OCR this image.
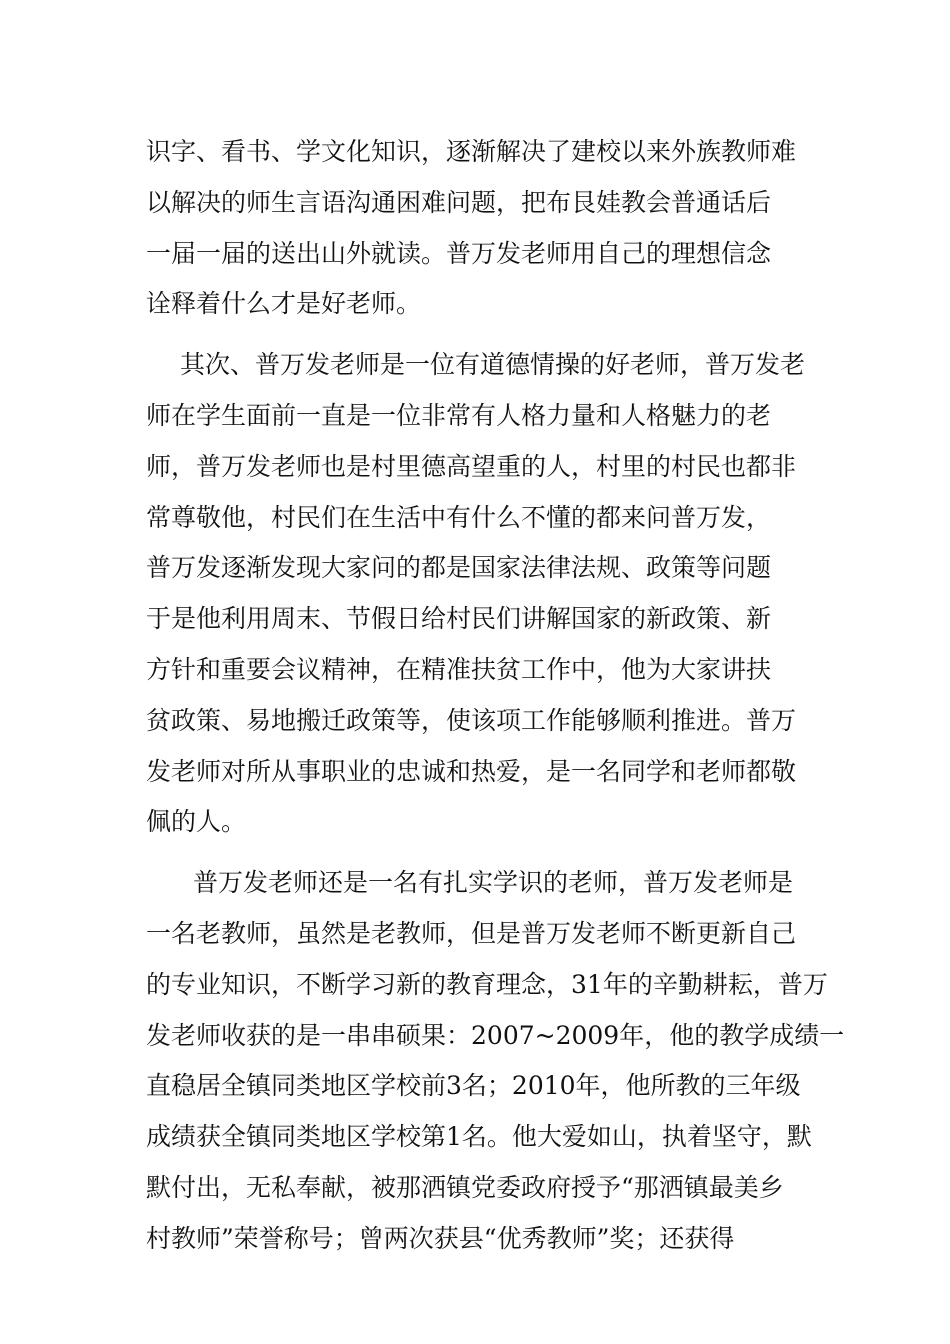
识字、看书、学文化知识，逐渐解决了建校以来外族教师难
以解决的师生言语沟通困难问题，把布艮娃教会普通话后
一届一届的送出山外就读。普万发老师用自己的理想信念
诠释着什么才是好老师。
其次、普万发老师是一位有道德情操的好老师，普万发老
师在学生面前一直是一位非常有人格力量和人格魅力的老
师，普万发老师也是村里德高望重的人，村里的村民也都非
常尊敬他，村民们在生活中有什么不懂的都来问普万发，
普万发逐渐发现大家问的都是国家法律法规、政策等问题
于是他利用周末、节假日给村民们讲解国家的新政策、新
方针和重要会议精神，在精准扶贫工作中，他为大家讲扶
贫政策、易地搬迁政策等，使该项工作能够顺利推进。普万
发老师对所从事职业的忠诚和热爱，是一名同学和老师都敬
佩的人。
普万发老师还是一名有扎实学识的老师，普万发老师是
一名老教师，虽然是老教师，但是普万发老师不断更新自己
的专业知识，不断学习新的教育理念，31年的辛勤耕耘，普万
发老师收获的是一串串硕果：2007~2009年，他的教学成绩一
直稳居全镇同类地区学校前3名；2010年，他所教的三年级
成绩获全镇同类地区学校第1名。他大爱如山，执着坚守，默
默付出，无私奉献，被那洒镇党委政府授予“那洒镇最美乡
村教师”荣誉称号；曾两次获县“优秀教师”奖；还获得
